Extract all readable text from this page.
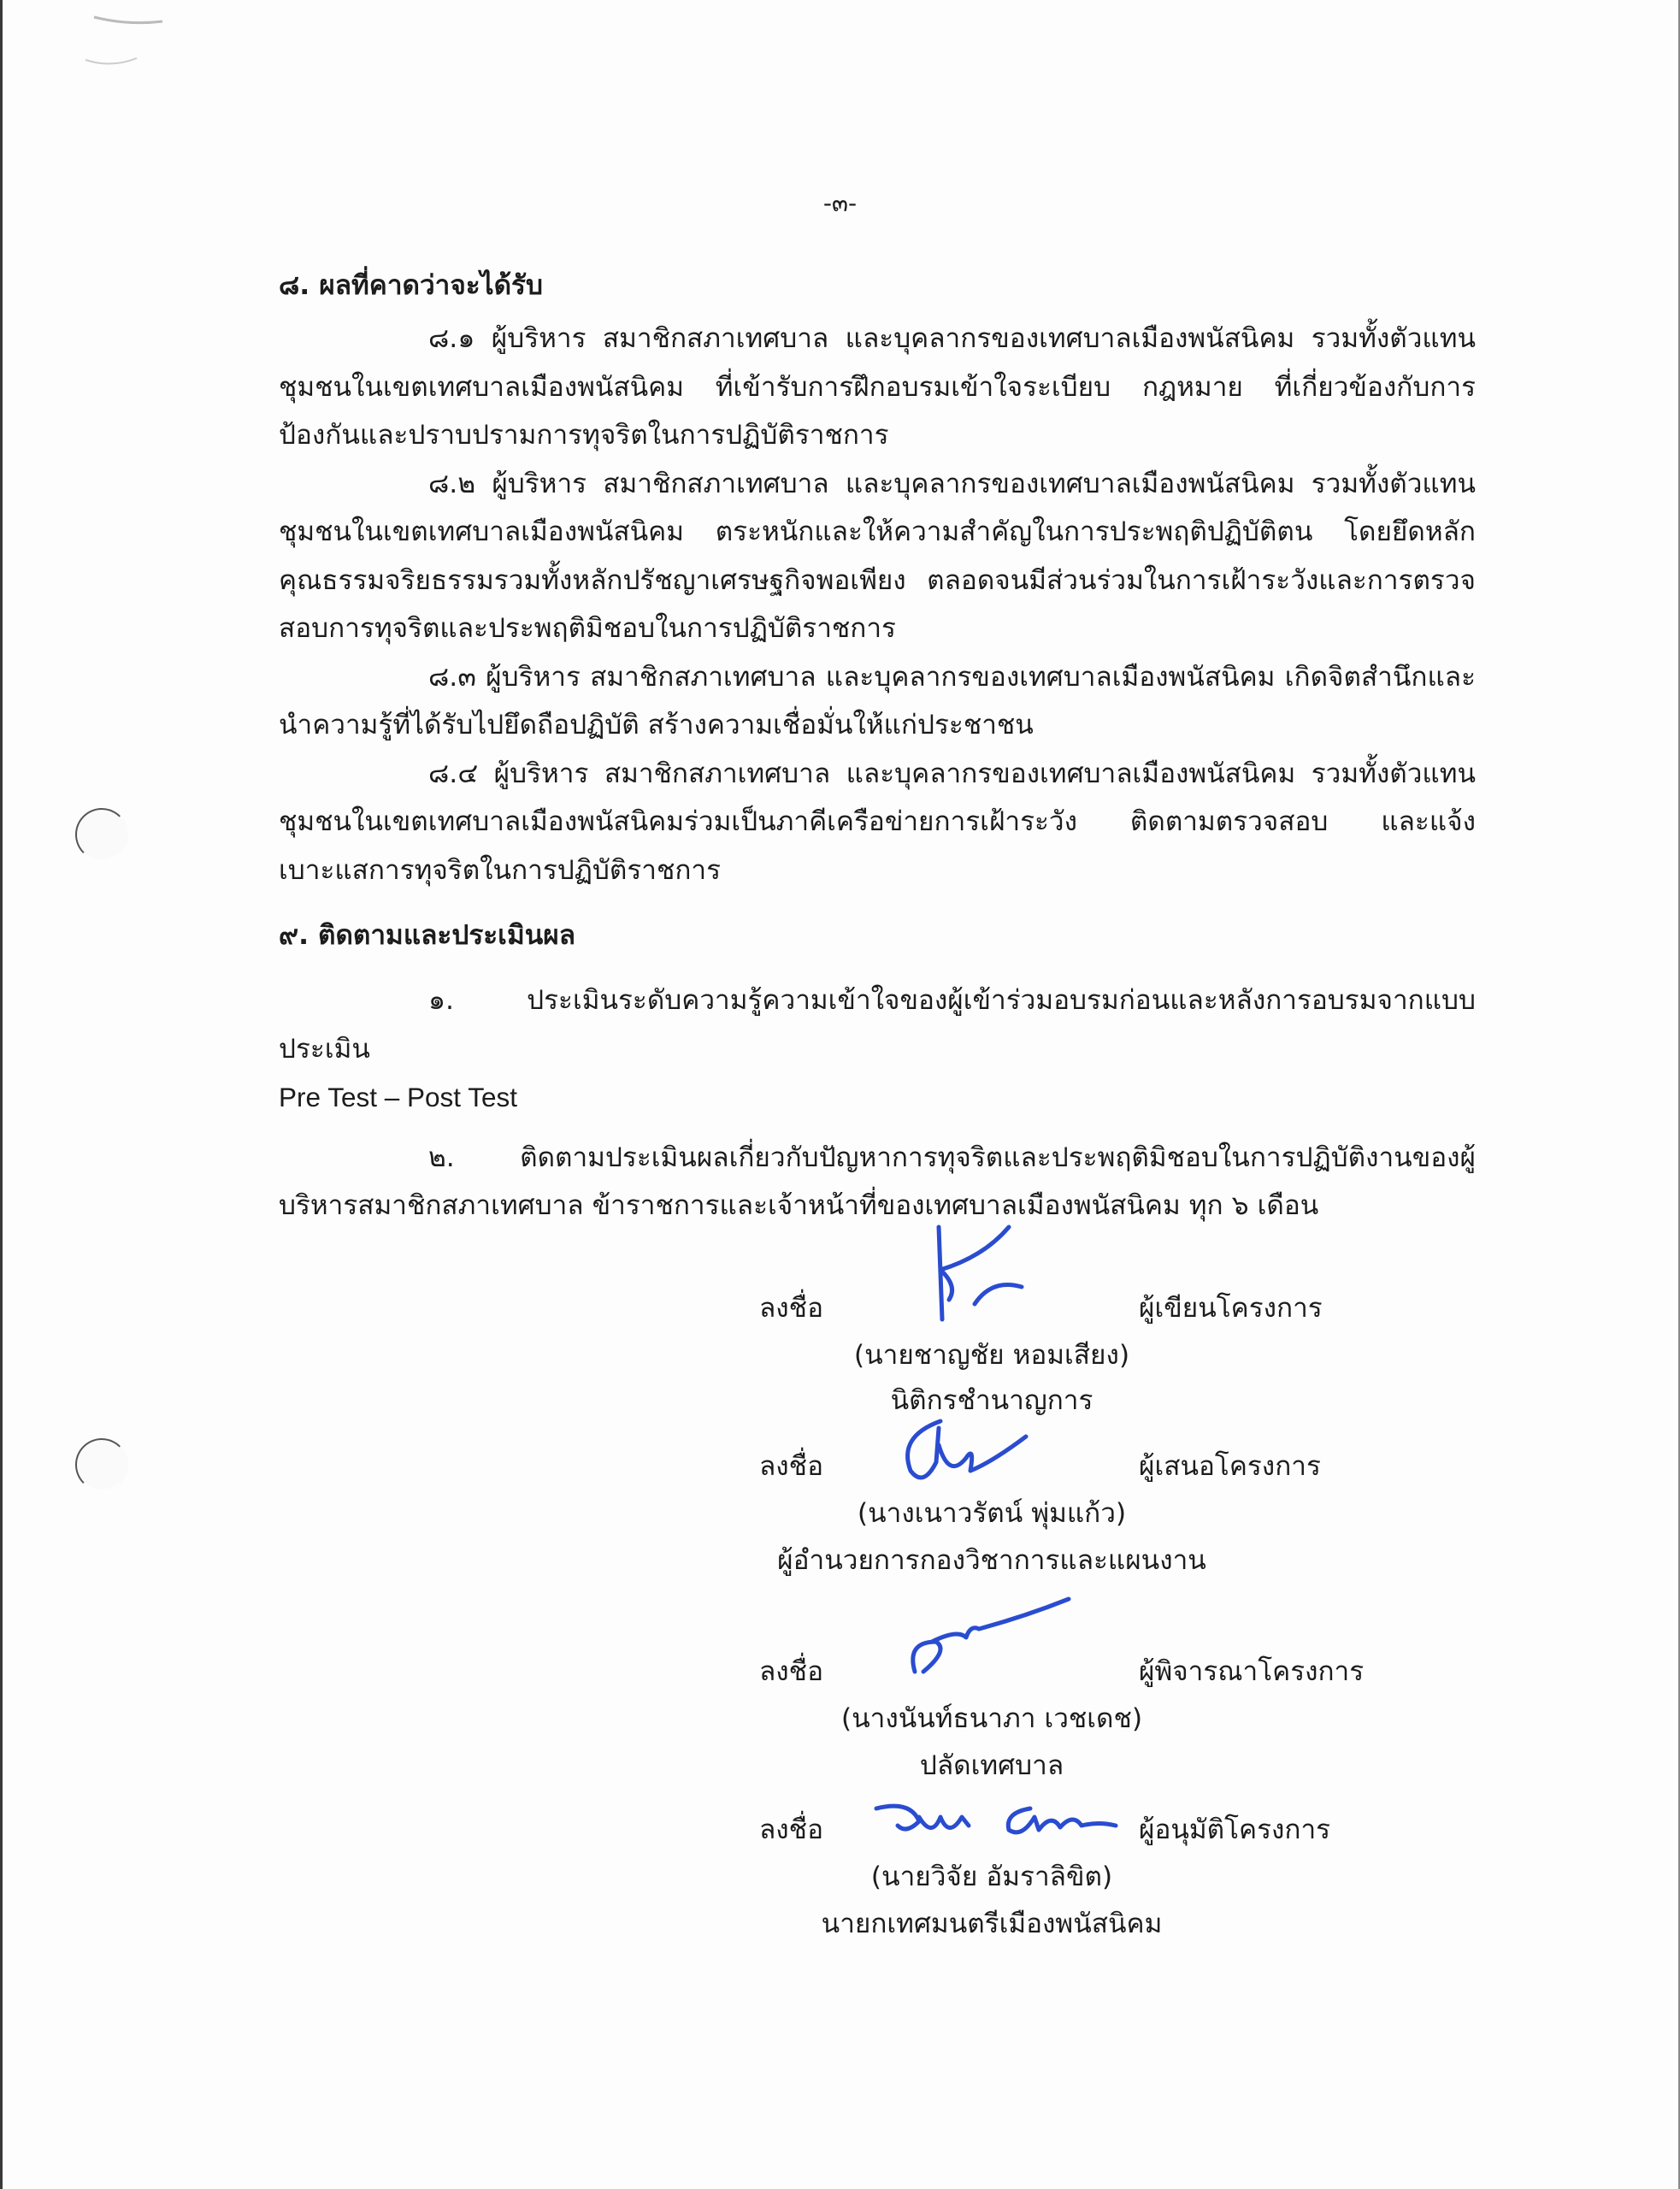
-๓-
๘. ผลที่คาดว่าจะได้รับ
๘.๑ ผู้บริหาร สมาชิกสภาเทศบาล และบุคลากรของเทศบาลเมืองพนัสนิคม รวมทั้งตัวแทนชุมชนในเขตเทศบาลเมืองพนัสนิคม ที่เข้ารับการฝึกอบรมเข้าใจระเบียบ กฎหมาย ที่เกี่ยวข้องกับการป้องกันและปราบปรามการทุจริตในการปฏิบัติราชการ
๘.๒ ผู้บริหาร สมาชิกสภาเทศบาล และบุคลากรของเทศบาลเมืองพนัสนิคม รวมทั้งตัวแทนชุมชนในเขตเทศบาลเมืองพนัสนิคม ตระหนักและให้ความสำคัญในการประพฤติปฏิบัติตน โดยยึดหลักคุณธรรมจริยธรรมรวมทั้งหลักปรัชญาเศรษฐกิจพอเพียง ตลอดจนมีส่วนร่วมในการเฝ้าระวังและการตรวจสอบการทุจริตและประพฤติมิชอบในการปฏิบัติราชการ
๘.๓ ผู้บริหาร สมาชิกสภาเทศบาล และบุคลากรของเทศบาลเมืองพนัสนิคม เกิดจิตสำนึกและนำความรู้ที่ได้รับไปยึดถือปฏิบัติ สร้างความเชื่อมั่นให้แก่ประชาชน
๘.๔ ผู้บริหาร สมาชิกสภาเทศบาล และบุคลากรของเทศบาลเมืองพนัสนิคม รวมทั้งตัวแทนชุมชนในเขตเทศบาลเมืองพนัสนิคมร่วมเป็นภาคีเครือข่ายการเฝ้าระวัง ติดตามตรวจสอบ และแจ้งเบาะแสการทุจริตในการปฏิบัติราชการ
๙. ติดตามและประเมินผล
๑. ประเมินระดับความรู้ความเข้าใจของผู้เข้าร่วมอบรมก่อนและหลังการอบรมจากแบบประเมิน
Pre Test – Post Test
๒. ติดตามประเมินผลเกี่ยวกับปัญหาการทุจริตและประพฤติมิชอบในการปฏิบัติงานของผู้บริหารสมาชิกสภาเทศบาล ข้าราชการและเจ้าหน้าที่ของเทศบาลเมืองพนัสนิคม ทุก ๖ เดือน
ลงชื่อ	ผู้เขียนโครงการ
(นายชาญชัย หอมเสียง)
นิติกรชำนาญการ
ลงชื่อ	ผู้เสนอโครงการ
(นางเนาวรัตน์ พุ่มแก้ว)
ผู้อำนวยการกองวิชาการและแผนงาน
ลงชื่อ	ผู้พิจารณาโครงการ
(นางนันท์ธนาภา เวชเดช)
ปลัดเทศบาล
ลงชื่อ	ผู้อนุมัติโครงการ
(นายวิจัย อัมราลิขิต)
นายกเทศมนตรีเมืองพนัสนิคม
